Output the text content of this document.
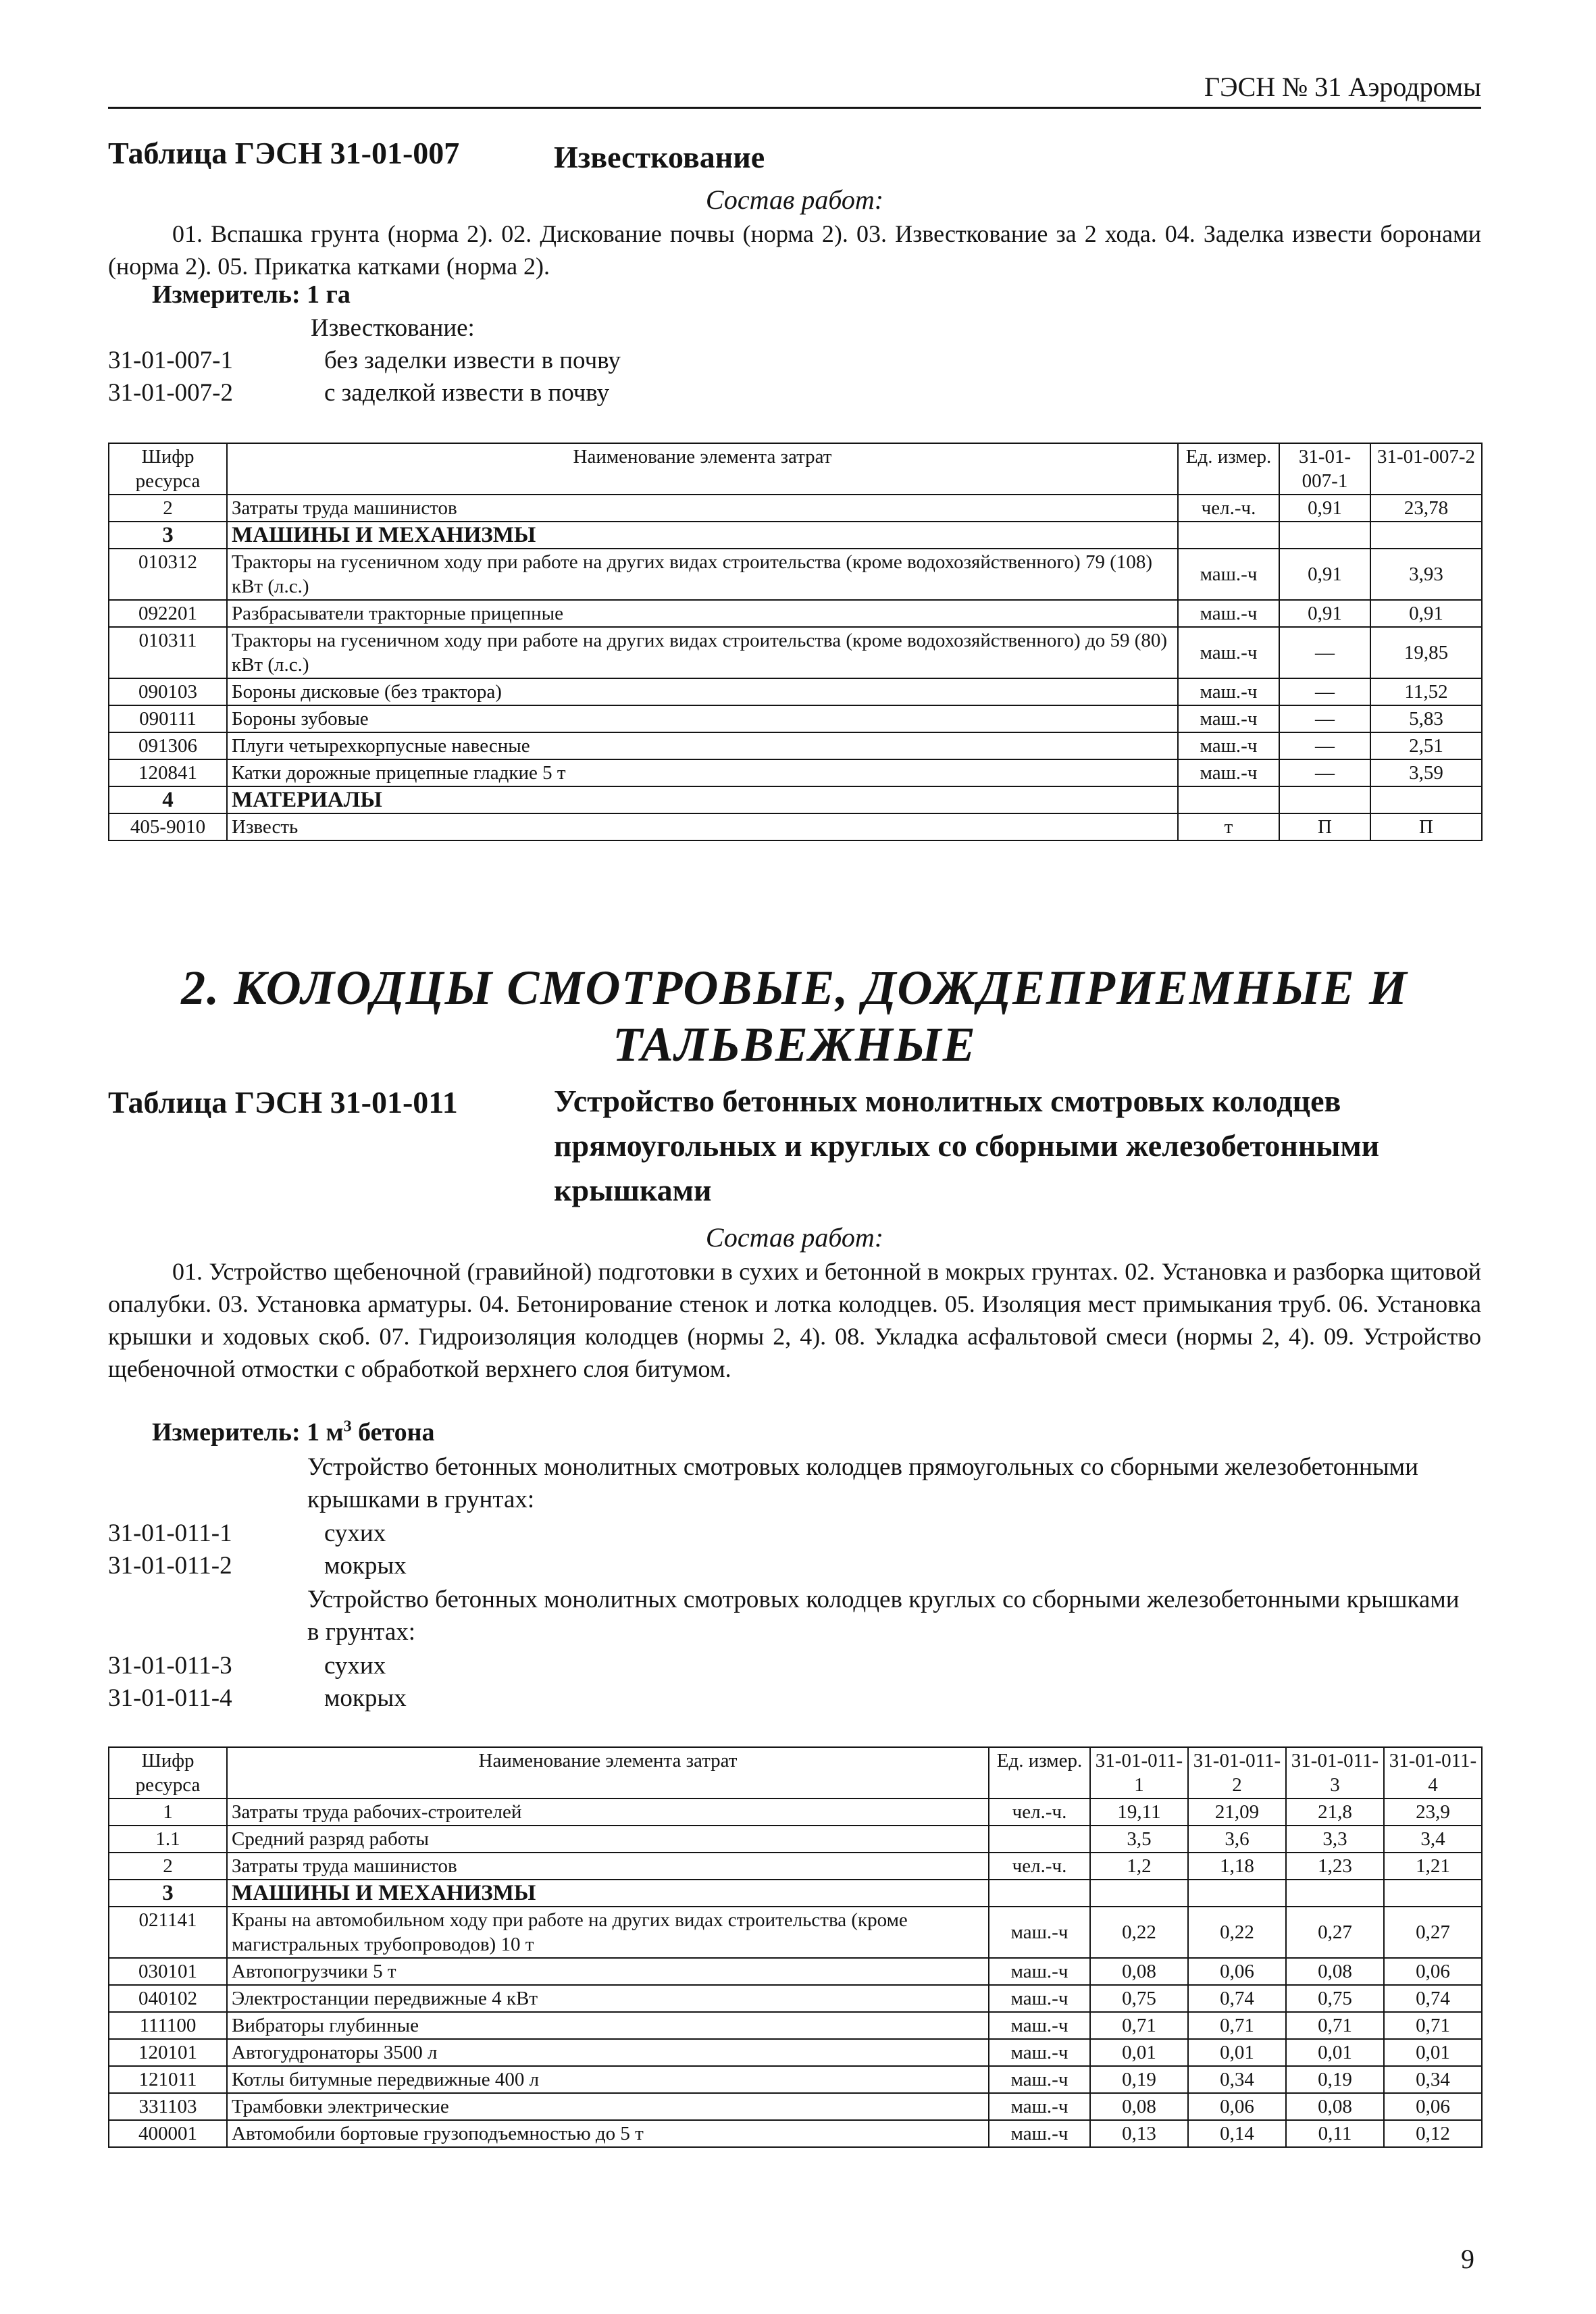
ГЭСН № 31 Аэродромы
Таблица ГЭСН 31-01-007	Известкование
Состав работ:
01. Вспашка грунта (норма 2). 02. Дискование почвы (норма 2). 03. Известкование за 2 хода. 04. Заделка извести боронами (норма 2). 05. Прикатка катками (норма 2).
Измеритель: 1 га
Известкование:
31-01-007-1	без заделки извести в почву
31-01-007-2	с заделкой извести в почву
Шифр ресурса	Наименование элемента затрат	Ед. измер.	31-01-007-1	31-01-007-2
2	Затраты труда машинистов	чел.-ч.	0,91	23,78
3	МАШИНЫ И МЕХАНИЗМЫ			
010312	Тракторы на гусеничном ходу при работе на других видах строительства (кроме водохозяйственного) 79 (108) кВт (л.с.)	маш.-ч	0,91	3,93
092201	Разбрасыватели тракторные прицепные	маш.-ч	0,91	0,91
010311	Тракторы на гусеничном ходу при работе на других видах строительства (кроме водохозяйственного) до 59 (80) кВт (л.с.)	маш.-ч	—	19,85
090103	Бороны дисковые (без трактора)	маш.-ч	—	11,52
090111	Бороны зубовые	маш.-ч	—	5,83
091306	Плуги четырехкорпусные навесные	маш.-ч	—	2,51
120841	Катки дорожные прицепные гладкие 5 т	маш.-ч	—	3,59
4	МАТЕРИАЛЫ			
405-9010	Известь	т	П	П
2. КОЛОДЦЫ СМОТРОВЫЕ, ДОЖДЕПРИЕМНЫЕ И
ТАЛЬВЕЖНЫЕ
Таблица ГЭСН 31-01-011	Устройство бетонных монолитных смотровых колодцев прямоугольных и круглых со сборными железобетонными крышками
Состав работ:
01. Устройство щебеночной (гравийной) подготовки в сухих и бетонной в мокрых грунтах. 02. Установка и разборка щитовой опалубки. 03. Установка арматуры. 04. Бетонирование стенок и лотка колодцев. 05. Изоляция мест примыкания труб. 06. Установка крышки и ходовых скоб. 07. Гидроизоляция колодцев (нормы 2, 4). 08. Укладка асфальтовой смеси (нормы 2, 4). 09. Устройство щебеночной отмостки с обработкой верхнего слоя битумом.
Измеритель: 1 $м^3$ бетона
Устройство бетонных монолитных смотровых колодцев прямоугольных со сборными железобетонными крышками в грунтах:
31-01-011-1	сухих
31-01-011-2	мокрых
Устройство бетонных монолитных смотровых колодцев круглых со сборными железобетонными крышками в грунтах:
31-01-011-3	сухих
31-01-011-4	мокрых
Шифр ресурса	Наименование элемента затрат	Ед. измер.	31-01-011-1	31-01-011-2	31-01-011-3	31-01-011-4
1	Затраты труда рабочих-строителей	чел.-ч.	19,11	21,09	21,8	23,9
1.1	Средний разряд работы		3,5	3,6	3,3	3,4
2	Затраты труда машинистов	чел.-ч.	1,2	1,18	1,23	1,21
3	МАШИНЫ И МЕХАНИЗМЫ					
021141	Краны на автомобильном ходу при работе на других видах строительства (кроме магистральных трубопроводов) 10 т	маш.-ч	0,22	0,22	0,27	0,27
030101	Автопогрузчики 5 т	маш.-ч	0,08	0,06	0,08	0,06
040102	Электростанции передвижные 4 кВт	маш.-ч	0,75	0,74	0,75	0,74
111100	Вибраторы глубинные	маш.-ч	0,71	0,71	0,71	0,71
120101	Автогудронаторы 3500 л	маш.-ч	0,01	0,01	0,01	0,01
121011	Котлы битумные передвижные 400 л	маш.-ч	0,19	0,34	0,19	0,34
331103	Трамбовки электрические	маш.-ч	0,08	0,06	0,08	0,06
400001	Автомобили бортовые грузоподъемностью до 5 т	маш.-ч	0,13	0,14	0,11	0,12
9
